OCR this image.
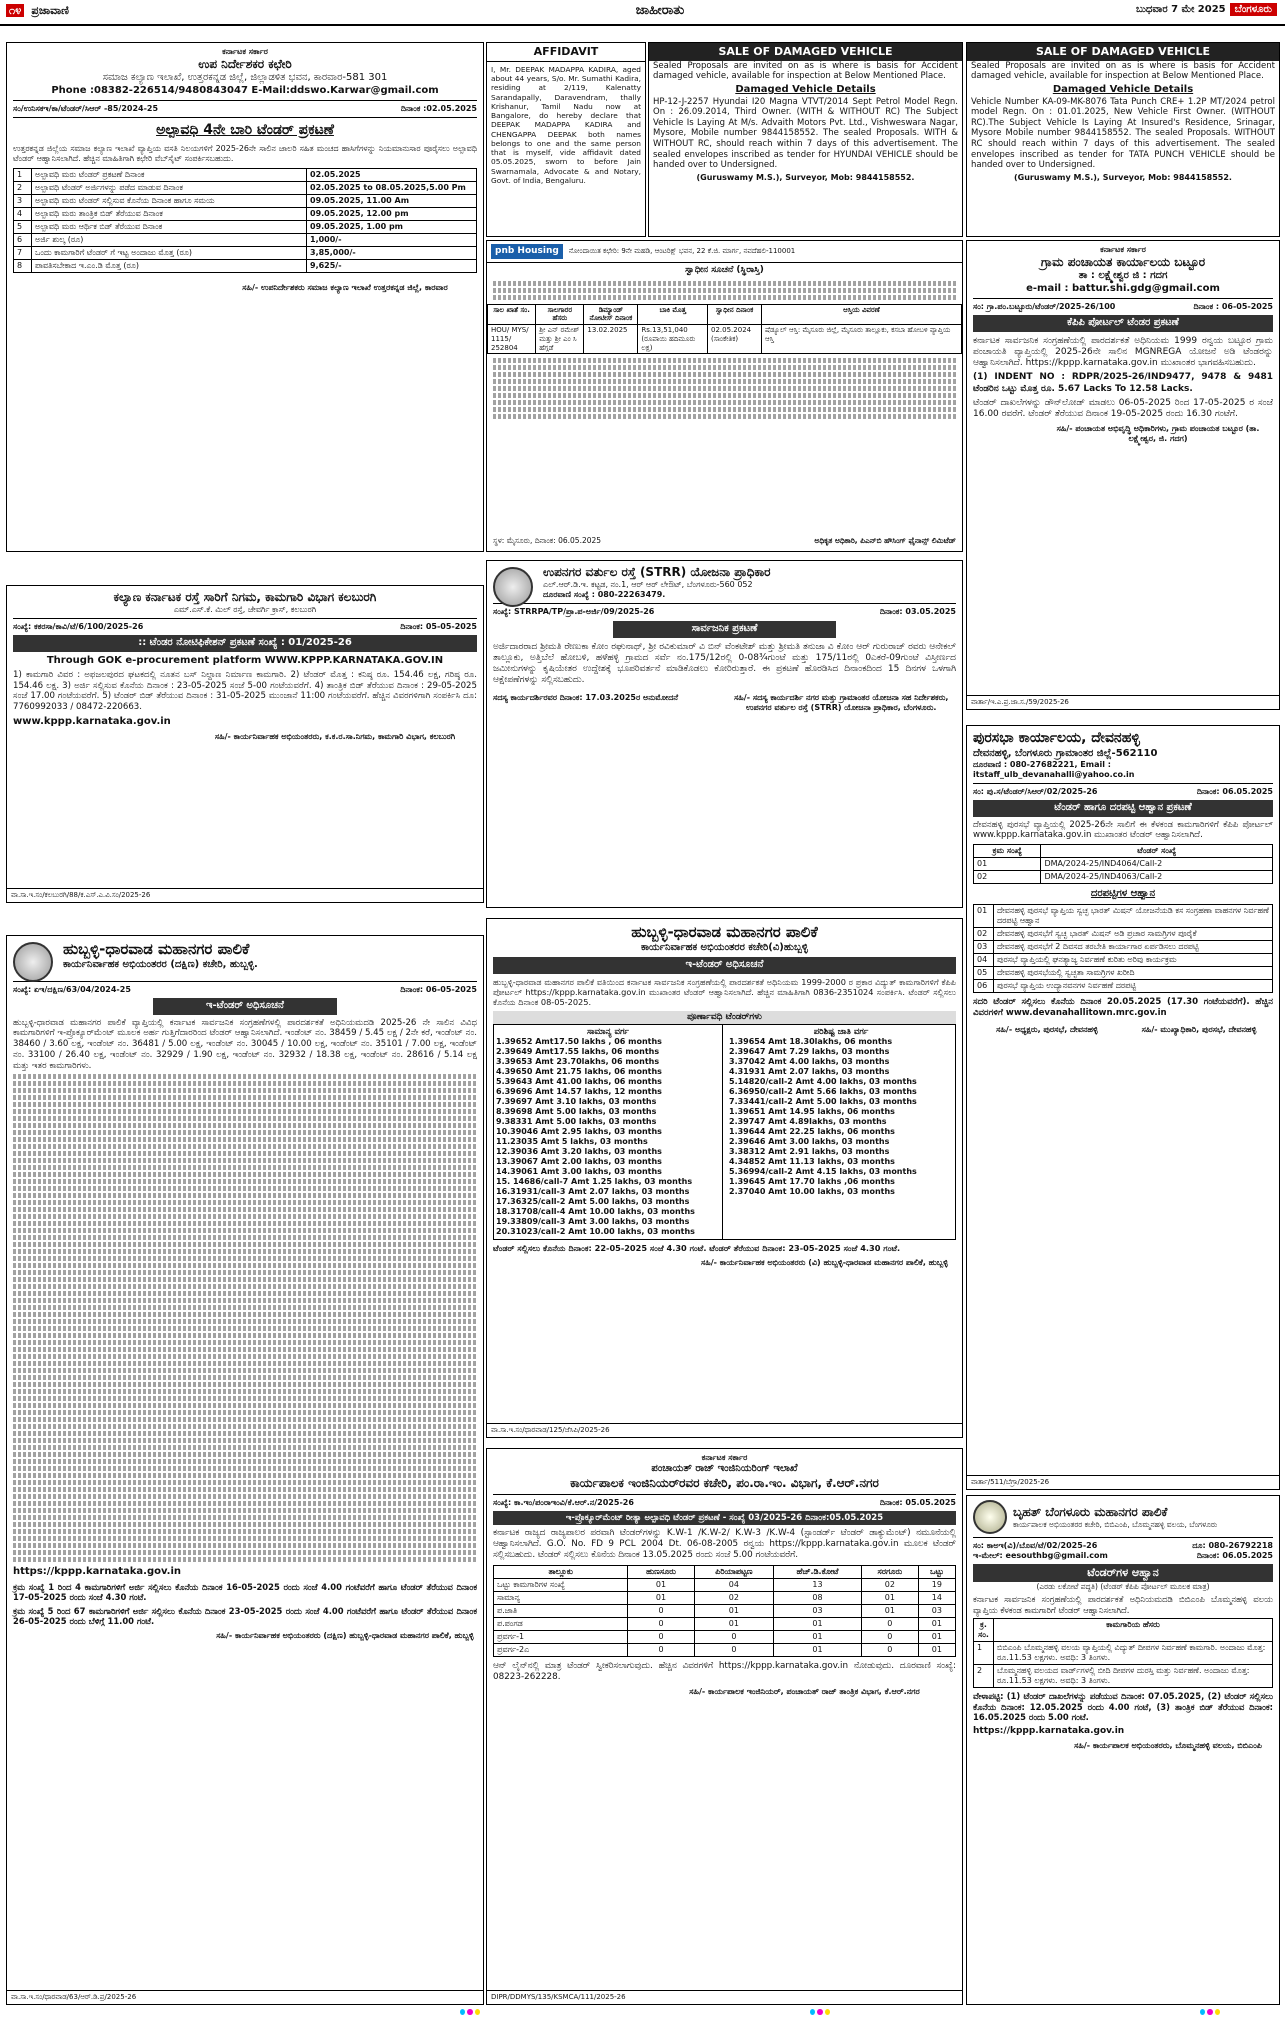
೧೪ ಪ್ರಜಾವಾಣಿ	ಜಾಹೀರಾತು	ಬುಧವಾರ 7 ಮೇ 2025 ಬೆಂಗಳೂರು
ಕರ್ನಾಟಕ ಸರ್ಕಾರ
ಉಪ ನಿರ್ದೇಶಕರ ಕಛೇರಿ
ಸಮಾಜ ಕಲ್ಯಾಣ ಇಲಾಖೆ, ಉತ್ತರಕನ್ನಡ ಜಿಲ್ಲೆ, ಜಿಲ್ಲಾಡಳಿತ ಭವನ, ಕಾರವಾರ-581 301
Phone :08382-226514/9480843047 E-Mail:ddswo.Karwar@gmail.com
ಸಂ/ಉನಿಸಕಇ/ಕಾ/ಟೆಂಡರ್/ಸಿಆರ್ -85/2024-25	ದಿನಾಂಕ :02.05.2025
ಅಲ್ಪಾವಧಿ 4ನೇ ಬಾರಿ ಟೆಂಡರ್ ಪ್ರಕಟಣೆ

ಉತ್ತರಕನ್ನಡ ಜಿಲ್ಲೆಯ ಸಮಾಜ ಕಲ್ಯಾಣ ಇಲಾಖೆ ವ್ಯಾಪ್ತಿಯ ವಸತಿ ನಿಲಯಗಳಿಗೆ 2025-26ನೇ ಸಾಲಿನ ಜಾಲರಿ ಸಹಿತ ಮಂಚದ ಹಾಸಿಗೆಗಳನ್ನು ನಿಯಮಾನುಸಾರ ಪೂರೈಸಲು ಅಲ್ಪಾವಧಿ ಟೆಂಡರ್ ಆಹ್ವಾನಿಸಲಾಗಿದೆ. ಹೆಚ್ಚಿನ ಮಾಹಿತಿಗಾಗಿ ಕಛೇರಿ ವೆಬ್‌ಸೈಟ್ ಸಂಪರ್ಕಿಸಬಹುದು.

1	ಅಲ್ಪಾವಧಿ ಮರು ಟೆಂಡರ್ ಪ್ರಕಟಣೆ ದಿನಾಂಕ	02.05.2025
2	ಅಲ್ಪಾವಧಿ ಟೆಂಡರ್ ಅರ್ಜಿಗಳನ್ನು ಪಡೆದ ಮಾಡುವ ದಿನಾಂಕ	02.05.2025 to 08.05.2025,5.00 Pm
3	ಅಲ್ಪಾವಧಿ ಮರು ಟೆಂಡರ್ ಸಲ್ಲಿಸುವ ಕೊನೆಯ ದಿನಾಂಕ ಹಾಗೂ ಸಮಯ	09.05.2025, 11.00 Am
4	ಅಲ್ಪಾವಧಿ ಮರು ತಾಂತ್ರಿಕ ಬಿಡ್ ತೆರೆಯುವ ದಿನಾಂಕ	09.05.2025, 12.00 pm
5	ಅಲ್ಪಾವಧಿ ಮರು ಆರ್ಥಿಕ ಬಿಡ್ ತೆರೆಯುವ ದಿನಾಂಕ	09.05.2025, 1.00 pm
6	ಅರ್ಜಿ ಶುಲ್ಕ (ರೂ)	1,000/-
7	ಒಂದು ಕಾಮಗಾರಿಗೆ ಟೆಂಡರ್ ಗೆ ಇಟ್ಟ ಅಂದಾಜು ಮೊತ್ತ (ರೂ)	3,85,000/-
8	ಪಾವತಿಸಬೇಕಾದ ಇ.ಎಂ.ಡಿ ಮೊತ್ತ (ರೂ)	9,625/-
ಸಹಿ/- ಉಪನಿರ್ದೇಶಕರು ಸಮಾಜ ಕಲ್ಯಾಣ ಇಲಾಖೆ ಉತ್ತರಕನ್ನಡ ಜಿಲ್ಲೆ, ಕಾರವಾರ
AFFIDAVIT

I, Mr. DEEPAK MADAPPA KADIRA, aged about 44 years, S/o. Mr. Sumathi Kadira, residing at 2/119, Kalenatty Sarandapally, Daravendram, thally Krishanur, Tamil Nadu now at Bangalore, do hereby declare that DEEPAK MADAPPA KADIRA and CHENGAPPA DEEPAK both names belongs to one and the same person that is myself, vide affidavit dated 05.05.2025, sworn to before Jain Swarnamala, Advocate & and Notary, Govt. of India, Bengaluru.

SALE OF DAMAGED VEHICLE

Sealed Proposals are invited on as is where is basis for Accident damaged vehicle, available for inspection at Below Mentioned Place.

Damaged Vehicle Details

HP-12-J-2257 Hyundai I20 Magna VTVT/2014 Sept Petrol Model Regn. On : 26.09.2014, Third Owner. (WITH & WITHOUT RC) The Subject Vehicle Is Laying At M/s. Advaith Motors Pvt. Ltd., Vishweswara Nagar, Mysore, Mobile number 9844158552. The sealed Proposals. WITH & WITHOUT RC, should reach within 7 days of this advertisement. The sealed envelopes inscribed as tender for HYUNDAI VEHICLE should be handed over to Undersigned.

(Guruswamy M.S.), Surveyor, Mob: 9844158552.
SALE OF DAMAGED VEHICLE

Sealed Proposals are invited on as is where is basis for Accident damaged vehicle, available for inspection at Below Mentioned Place.

Damaged Vehicle Details

Vehicle Number KA-09-MK-8076 Tata Punch CRE+ 1.2P MT/2024 petrol model Regn. On : 01.01.2025, New Vehicle First Owner. (WITHOUT RC).The Subject Vehicle Is Laying At Insured's Residence, Srinagar, Mysore Mobile number 9844158552. The sealed Proposals. WITHOUT RC should reach within 7 days of this advertisement. The sealed envelopes inscribed as tender for TATA PUNCH VEHICLE should be handed over to Undersigned.

(Guruswamy M.S.), Surveyor, Mob: 9844158552.
pnb Housing	ನೋಂದಾಯಿತ ಕಛೇರಿ: 9ನೇ ಮಹಡಿ, ಆಂಟರಿಕ್ಷ್ ಭವನ, 22 ಕೆ.ಜಿ. ಮಾರ್ಗ, ನವದೆಹಲಿ-110001
ಸ್ವಾಧೀನ ಸೂಚನೆ (ಸ್ಥಿರಾಸ್ತಿ)
ಸಾಲ ಖಾತೆ ಸಂ.	ಸಾಲಗಾರರ ಹೆಸರು	ಡಿಮ್ಯಾಂಡ್ ನೋಟೀಸ್ ದಿನಾಂಕ	ಬಾಕಿ ಮೊತ್ತ	ಸ್ವಾಧೀನ ದಿನಾಂಕ	ಆಸ್ತಿಯ ವಿವರಣೆ
HOU/ MYS/ 1115/ 252804	ಶ್ರೀ ಎನ್ ರಮೇಶ್ ಮತ್ತು ಶ್ರೀ ಎಂ ಸಿ ಹೆಗ್ಗಡೆ	13.02.2025	Rs.13,51,040 (ರೂಪಾಯಿ ಹದಿಮೂರು ಲಕ್ಷ)	02.05.2024 (ಸಾಂಕೇತಿಕ)	ಷೆಡ್ಯೂಲ್ ಆಸ್ತಿ: ಮೈಸೂರು ಜಿಲ್ಲೆ, ಮೈಸೂರು ತಾಲ್ಲೂಕು, ಕಸಬಾ ಹೋಬಳಿ ವ್ಯಾಪ್ತಿಯ ಆಸ್ತಿ
ಸ್ಥಳ: ಮೈಸೂರು, ದಿನಾಂಕ: 06.05.2025	ಅಧಿಕೃತ ಅಧಿಕಾರಿ, ಪಿಎನ್‌ಬಿ ಹೌಸಿಂಗ್ ಫೈನಾನ್ಸ್ ಲಿಮಿಟೆಡ್
ಕರ್ನಾಟಕ ಸರ್ಕಾರ
ಗ್ರಾಮ ಪಂಚಾಯತ ಕಾರ್ಯಾಲಯ ಬಟ್ಟೂರ
ತಾ : ಲಕ್ಷ್ಮೇಶ್ವರ ಜಿ : ಗದಗ
e-mail : battur.shi.gdg@gmail.com
ಸಂ: ಗ್ರಾ.ಪಂ.ಬಟ್ಟೂರು/ಟೆಂಡರ್/2025-26/100	ದಿನಾಂಕ : 06-05-2025
ಕೆಪಿಪಿ ಪೋರ್ಟಲ್ ಟೆಂಡರ ಪ್ರಕಟಣೆ

ಕರ್ನಾಟಕ ಸಾರ್ವಜನಿಕ ಸಂಗ್ರಹಣೆಯಲ್ಲಿ ಪಾರದರ್ಶಕತೆ ಅಧಿನಿಯಮ 1999 ರನ್ವಯ ಬಟ್ಟೂರ ಗ್ರಾಮ ಪಂಚಾಯತಿ ವ್ಯಾಪ್ತಿಯಲ್ಲಿ 2025-26ನೇ ಸಾಲಿನ MGNREGA ಯೋಜನೆ ಅಡಿ ಟೆಂಡರನ್ನು ಆಹ್ವಾನಿಸಲಾಗಿದೆ. https://kppp.karnataka.gov.in ಮುಖಾಂತರ ಭಾಗವಹಿಸಬಹುದು.

(1) INDENT NO : RDPR/2025-26/IND9477, 9478 & 9481 ಟೆಂಡರಿನ ಒಟ್ಟು ಮೊತ್ತ ರೂ. 5.67 Lacks To 12.58 Lacks.

ಟೆಂಡರ್ ದಾಖಲೆಗಳನ್ನು ಡೌನ್‌ಲೋಡ್ ಮಾಡಲು 06-05-2025 ರಿಂದ 17-05-2025 ರ ಸಂಜೆ 16.00 ರವರೆಗೆ. ಟೆಂಡರ್ ತೆರೆಯುವ ದಿನಾಂಕ 19-05-2025 ರಂದು 16.30 ಗಂಟೆಗೆ.

ಸಹಿ/- ಪಂಚಾಯತ ಅಭಿವೃದ್ಧಿ ಅಧಿಕಾರಿಗಳು, ಗ್ರಾಮ ಪಂಚಾಯತ ಬಟ್ಟೂರ (ತಾ. ಲಕ್ಷ್ಮೇಶ್ವರ, ಜಿ. ಗದಗ)
ವಾರ್ತಾ/ಇ.ಎ.ಪ್ರ.ಜಾ.ಸ./59/2025-26
ಕಲ್ಯಾಣ ಕರ್ನಾಟಕ ರಸ್ತೆ ಸಾರಿಗೆ ನಿಗಮ, ಕಾಮಗಾರಿ ವಿಭಾಗ ಕಲಬುರಗಿ
ಎಮ್.ಎಸ್.ಕೆ. ಮಿಲ್ ರಸ್ತೆ, ಜೇವರ್ಗಿ ಕ್ರಾಸ್, ಕಲಬುರಗಿ
ಸಂಖ್ಯೆ: ಕಕರಸಾ/ಕಾವಿ/ಟೆ/6/100/2025-26	ದಿನಾಂಕ: 05-05-2025
:: ಟೆಂಡರ ನೋಟಿಫಿಕೇಶನ್ ಪ್ರಕಟಣೆ ಸಂಖ್ಯೆ : 01/2025-26
Through GOK e-procurement platform WWW.KPPP.KARNATAKA.GOV.IN

1) ಕಾಮಗಾರಿ ವಿವರ : ಅಫಜಲಪುರದ ಘಟಕದಲ್ಲಿ ನೂತನ ಬಸ್ ನಿಲ್ದಾಣ ನಿರ್ಮಾಣ ಕಾಮಗಾರಿ. 2) ಟೆಂಡರ್ ಮೊತ್ತ : ಕನಿಷ್ಠ ರೂ. 154.46 ಲಕ್ಷ, ಗರಿಷ್ಠ ರೂ. 154.46 ಲಕ್ಷ. 3) ಅರ್ಜಿ ಸಲ್ಲಿಸುವ ಕೊನೆಯ ದಿನಾಂಕ : 23-05-2025 ಸಂಜೆ 5-00 ಗಂಟೆಯವರೆಗೆ. 4) ತಾಂತ್ರಿಕ ಬಿಡ್ ತೆರೆಯುವ ದಿನಾಂಕ : 29-05-2025 ಸಂಜೆ 17.00 ಗಂಟೆಯವರೆಗೆ. 5) ಟೆಂಡರ್ ಬಿಡ್ ತೆರೆಯುವ ದಿನಾಂಕ : 31-05-2025 ಮುಂಜಾನೆ 11:00 ಗಂಟೆಯವರೆಗೆ. ಹೆಚ್ಚಿನ ವಿವರಗಳಿಗಾಗಿ ಸಂಪರ್ಕಿಸಿ ದೂ: 7760992033 / 08472-220663.

www.kppp.karnataka.gov.in
ಸಹಿ/- ಕಾರ್ಯನಿರ್ವಾಹಕ ಅಭಿಯಂತರರು, ಕ.ಕ.ರ.ಸಾ.ನಿಗಮ, ಕಾಮಗಾರಿ ವಿಭಾಗ, ಕಲಬುರಗಿ
ವಾ.ಸಾ.ಇ.ಸಂ/ಕಲಬುರಗಿ/88/ಕ.ಎಸ್.ಎ.ವಿ.ಸಂ/2025-26
ಉಪನಗರ ವರ್ತುಲ ರಸ್ತೆ (STRR) ಯೋಜನಾ ಪ್ರಾಧಿಕಾರ
ಎಲ್.ಆರ್.ಡಿ.ಇ. ಕಟ್ಟಡ, ನಂ.1, ಆರ್ ಆರ್ ಲೇಔಟ್, ಬೆಂಗಳೂರು-560 052
ದೂರವಾಣಿ ಸಂಖ್ಯೆ : 080-22263479.
ಸಂಖ್ಯೆ: STRRPA/TP/ಪ್ರಾ.ಪ-ಅರ್ಜಿ/09/2025-26	ದಿನಾಂಕ: 03.05.2025
ಸಾರ್ವಜನಿಕ ಪ್ರಕಟಣೆ

ಅರ್ಜಿದಾರರಾದ ಶ್ರೀಮತಿ ರೇಣುಕಾ ಕೋಂ ರಘುನಾಥ್, ಶ್ರೀ ರವಿಕುಮಾರ್ ವಿ ಬಿನ್ ವೆಂಕಟೇಶ್ ಮತ್ತು ಶ್ರೀಮತಿ ತನುಜಾ ವಿ ಕೋಂ ಆರ್ ಗುರುರಾಜ್ ರವರು ಆನೇಕಲ್ ತಾಲ್ಲೂಕು, ಅತ್ತಿಬೆಲೆ ಹೋಬಳಿ, ಹಳೆಹಳ್ಳಿ ಗ್ರಾಮದ ಸರ್ವೆ ನಂ.175/12ರಲ್ಲಿ 0-08¾ಗುಂಟೆ ಮತ್ತು 175/11ರಲ್ಲಿ 0ಎಕರೆ-09ಗುಂಟೆ ವಿಸ್ತೀರ್ಣದ ಜಮೀನುಗಳನ್ನು ಕೃಷಿಯೇತರ ಉದ್ದೇಶಕ್ಕೆ ಭೂಪರಿವರ್ತನೆ ಮಾಡಿಕೊಡಲು ಕೋರಿರುತ್ತಾರೆ. ಈ ಪ್ರಕಟಣೆ ಹೊರಡಿಸಿದ ದಿನಾಂಕದಿಂದ 15 ದಿನಗಳ ಒಳಗಾಗಿ ಆಕ್ಷೇಪಣೆಗಳನ್ನು ಸಲ್ಲಿಸಬಹುದು.

ಸದಸ್ಯ ಕಾರ್ಯದರ್ಶಿರವರ ದಿನಾಂಕ: 17.03.2025ರ ಅನುಮೋದನೆ	ಸಹಿ/- ಸದಸ್ಯ ಕಾರ್ಯದರ್ಶಿ ನಗರ ಮತ್ತು ಗ್ರಾಮಾಂತರ ಯೋಜನಾ ಸಹ ನಿರ್ದೇಶಕರು, ಉಪನಗರ ವರ್ತುಲ ರಸ್ತೆ (STRR) ಯೋಜನಾ ಪ್ರಾಧಿಕಾರ, ಬೆಂಗಳೂರು.
ಪುರಸಭಾ ಕಾರ್ಯಾಲಯ, ದೇವನಹಳ್ಳಿ
ದೇವನಹಳ್ಳಿ, ಬೆಂಗಳೂರು ಗ್ರಾಮಾಂತರ ಜಿಲ್ಲೆ-562110
ದೂರವಾಣಿ : 080-27682221, Email : itstaff_ulb_devanahalli@yahoo.co.in
ಸಂ: ಪು.ಸ/ಟೆಂಡರ್/ಸಿಆರ್/02/2025-26	ದಿನಾಂಕ: 06.05.2025
ಟೆಂಡರ್ ಹಾಗೂ ದರಪಟ್ಟಿ ಆಹ್ವಾನ ಪ್ರಕಟಣೆ

ದೇವನಹಳ್ಳಿ ಪುರಸಭೆ ವ್ಯಾಪ್ತಿಯಲ್ಲಿ 2025-26ನೇ ಸಾಲಿಗೆ ಈ ಕೆಳಕಂಡ ಕಾಮಗಾರಿಗಳಿಗೆ ಕೆಪಿಪಿ ಪೋರ್ಟಲ್ www.kppp.karnataka.gov.in ಮುಖಾಂತರ ಟೆಂಡರ್ ಆಹ್ವಾನಿಸಲಾಗಿದೆ.

ಕ್ರಮ ಸಂಖ್ಯೆ	ಟೆಂಡರ್ ಸಂಖ್ಯೆ
01	DMA/2024-25/IND4064/Call-2
02	DMA/2024-25/IND4063/Call-2
ದರಪಟ್ಟಿಗಳ ಆಹ್ವಾನ
01	ದೇವನಹಳ್ಳಿ ಪುರಸಭೆ ವ್ಯಾಪ್ತಿಯ ಸ್ವಚ್ಛ ಭಾರತ್ ಮಿಷನ್ ಯೋಜನೆಯಡಿ ಕಸ ಸಂಗ್ರಹಣಾ ವಾಹನಗಳ ನಿರ್ವಹಣೆ ದರಪಟ್ಟಿ ಆಹ್ವಾನ
02	ದೇವನಹಳ್ಳಿ ಪುರಸಭೆಗೆ ಸ್ವಚ್ಛ ಭಾರತ್ ಮಿಷನ್ ಅಡಿ ಪ್ರಚಾರ ಸಾಮಗ್ರಿಗಳ ಪೂರೈಕೆ
03	ದೇವನಹಳ್ಳಿ ಪುರಸಭೆಗೆ 2 ದಿವಸದ ತರಬೇತಿ ಕಾರ್ಯಾಗಾರ ಏರ್ಪಡಿಸಲು ದರಪಟ್ಟಿ
04	ಪುರಸಭೆ ವ್ಯಾಪ್ತಿಯಲ್ಲಿ ಘನತ್ಯಾಜ್ಯ ನಿರ್ವಹಣೆ ಕುರಿತು ಅರಿವು ಕಾರ್ಯಕ್ರಮ
05	ದೇವನಹಳ್ಳಿ ಪುರಸಭೆಯಲ್ಲಿ ಸ್ವಚ್ಛತಾ ಸಾಮಗ್ರಿಗಳ ಖರೀದಿ
06	ಪುರಸಭೆ ವ್ಯಾಪ್ತಿಯ ಉದ್ಯಾನವನಗಳ ನಿರ್ವಹಣೆ ದರಪಟ್ಟಿ

ಸದರಿ ಟೆಂಡರ್ ಸಲ್ಲಿಸಲು ಕೊನೆಯ ದಿನಾಂಕ 20.05.2025 (17.30 ಗಂಟೆಯವರೆಗೆ). ಹೆಚ್ಚಿನ ವಿವರಗಳಿಗೆ www.devanahallitown.mrc.gov.in

ಸಹಿ/- ಅಧ್ಯಕ್ಷರು, ಪುರಸಭೆ, ದೇವನಹಳ್ಳಿ	ಸಹಿ/- ಮುಖ್ಯಾಧಿಕಾರಿ, ಪುರಸಭೆ, ದೇವನಹಳ್ಳಿ
ವಾರ್ತಾ/511/ಬೆಗ್ರಾ/2025-26
ಹುಬ್ಬಳ್ಳಿ-ಧಾರವಾಡ ಮಹಾನಗರ ಪಾಲಿಕೆ
ಕಾರ್ಯನಿರ್ವಾಹಕ ಅಭಿಯಂತರರ (ದಕ್ಷಿಣ) ಕಚೇರಿ, ಹುಬ್ಬಳ್ಳಿ.
ಸಂಖ್ಯೆ: ಏಇ/ದಕ್ಷಿಣ/63/04/2024-25	ದಿನಾಂಕ: 06-05-2025
ಇ-ಟೆಂಡರ್ ಅಧಿಸೂಚನೆ

ಹುಬ್ಬಳ್ಳಿ-ಧಾರವಾಡ ಮಹಾನಗರ ಪಾಲಿಕೆ ವ್ಯಾಪ್ತಿಯಲ್ಲಿ ಕರ್ನಾಟಕ ಸಾರ್ವಜನಿಕ ಸಂಗ್ರಹಣೆಗಳಲ್ಲಿ ಪಾರದರ್ಶಕತೆ ಅಧಿನಿಯಮದಡಿ 2025-26 ನೇ ಸಾಲಿನ ವಿವಿಧ ಕಾಮಗಾರಿಗಳಿಗೆ ಇ-ಪ್ರೊಕ್ಯೂರ್‌ಮೆಂಟ್ ಮೂಲಕ ಅರ್ಹ ಗುತ್ತಿಗೆದಾರರಿಂದ ಟೆಂಡರ್ ಆಹ್ವಾನಿಸಲಾಗಿದೆ. ಇಂಡೆಂಟ್ ನಂ. 38459 / 5.45 ಲಕ್ಷ / 2ನೇ ಕರೆ, ಇಂಡೆಂಟ್ ನಂ. 38460 / 3.60 ಲಕ್ಷ, ಇಂಡೆಂಟ್ ನಂ. 36481 / 5.00 ಲಕ್ಷ, ಇಂಡೆಂಟ್ ನಂ. 30045 / 10.00 ಲಕ್ಷ, ಇಂಡೆಂಟ್ ನಂ. 35101 / 7.00 ಲಕ್ಷ, ಇಂಡೆಂಟ್ ನಂ. 33100 / 26.40 ಲಕ್ಷ, ಇಂಡೆಂಟ್ ನಂ. 32929 / 1.90 ಲಕ್ಷ, ಇಂಡೆಂಟ್ ನಂ. 32932 / 18.38 ಲಕ್ಷ, ಇಂಡೆಂಟ್ ನಂ. 28616 / 5.14 ಲಕ್ಷ ಮತ್ತು ಇತರ ಕಾಮಗಾರಿಗಳು.

https://kppp.karnataka.gov.in

ಕ್ರಮ ಸಂಖ್ಯೆ 1 ರಿಂದ 4 ಕಾಮಗಾರಿಗಳಿಗೆ ಅರ್ಜಿ ಸಲ್ಲಿಸಲು ಕೊನೆಯ ದಿನಾಂಕ 16-05-2025 ರಂದು ಸಂಜೆ 4.00 ಗಂಟೆವರೆಗೆ ಹಾಗೂ ಟೆಂಡರ್ ತೆರೆಯುವ ದಿನಾಂಕ 17-05-2025 ರಂದು ಸಂಜೆ 4.30 ಗಂಟೆ.

ಕ್ರಮ ಸಂಖ್ಯೆ 5 ರಿಂದ 67 ಕಾಮಗಾರಿಗಳಿಗೆ ಅರ್ಜಿ ಸಲ್ಲಿಸಲು ಕೊನೆಯ ದಿನಾಂಕ 23-05-2025 ರಂದು ಸಂಜೆ 4.00 ಗಂಟೆವರೆಗೆ ಹಾಗೂ ಟೆಂಡರ್ ತೆರೆಯುವ ದಿನಾಂಕ 26-05-2025 ರಂದು ಬೆಳಿಗ್ಗೆ 11.00 ಗಂಟೆ.

ಸಹಿ/- ಕಾರ್ಯನಿರ್ವಾಹಕ ಅಭಿಯಂತರರು (ದಕ್ಷಿಣ) ಹುಬ್ಬಳ್ಳಿ-ಧಾರವಾಡ ಮಹಾನಗರ ಪಾಲಿಕೆ, ಹುಬ್ಬಳ್ಳಿ
ವಾ.ಸಾ.ಇ.ಸಂ/ಧಾರವಾಡ/63/ಆರ್.ಡಿ.ಪ್ರ/2025-26
ಹುಬ್ಬಳ್ಳಿ-ಧಾರವಾಡ ಮಹಾನಗರ ಪಾಲಿಕೆ
ಕಾರ್ಯನಿರ್ವಾಹಕ ಅಭಿಯಂತರರ ಕಚೇರಿ(ವಿ)ಹುಬ್ಬಳ್ಳಿ
ಇ-ಟೆಂಡರ್ ಅಧಿಸೂಚನೆ

ಹುಬ್ಬಳ್ಳಿ-ಧಾರವಾಡ ಮಹಾನಗರ ಪಾಲಿಕೆ ವತಿಯಿಂದ ಕರ್ನಾಟಕ ಸಾರ್ವಜನಿಕ ಸಂಗ್ರಹಣೆಯಲ್ಲಿ ಪಾರದರ್ಶಕತೆ ಅಧಿನಿಯಮ 1999-2000 ರ ಪ್ರಕಾರ ವಿದ್ಯುತ್ ಕಾಮಗಾರಿಗಳಿಗೆ ಕೆಪಿಪಿ ಪೋರ್ಟಲ್ https://kppp.karnataka.gov.in ಮುಖಾಂತರ ಟೆಂಡರ್ ಆಹ್ವಾನಿಸಲಾಗಿದೆ. ಹೆಚ್ಚಿನ ಮಾಹಿತಿಗಾಗಿ 0836-2351024 ಸಂಪರ್ಕಿಸಿ. ಟೆಂಡರ್ ಸಲ್ಲಿಸಲು ಕೊನೆಯ ದಿನಾಂಕ 08-05-2025.

ಪೂರ್ಣಾವಧಿ ಟೆಂಡರ್‌ಗಳು
ಸಾಮಾನ್ಯ ವರ್ಗ
1.39652 Amt17.50 lakhs , 06 months
2.39649 Amt17.55 lakhs, 06 months
3.39653 Amt 23.70lakhs, 06 months
4.39650 Amt 21.75 lakhs, 06 months
5.39643 Amt 41.00 lakhs, 06 months
6.39696 Amt 14.57 lakhs, 12 months
7.39697 Amt 3.10 lakhs, 03 months
8.39698 Amt 5.00 lakhs, 03 months
9.38331 Amt 5.00 lakhs, 03 months
10.39046 Amt 2.95 lakhs, 03 months
11.23035 Amt 5 lakhs, 03 months
12.39036 Amt 3.20 lakhs, 03 months
13.39067 Amt 2.00 lakhs, 03 months
14.39061 Amt 3.00 lakhs, 03 months
15. 14686/call-7 Amt 1.25 lakhs, 03 months
16.31931/call-3 Amt 2.07 lakhs, 03 months
17.36325/call-2 Amt 5.00 lakhs, 03 months
18.31708/call-4 Amt 10.00 lakhs, 03 months
19.33809/call-3 Amt 3.00 lakhs, 03 months
20.31023/call-2 Amt 10.00 lakhs, 03 months
ಪರಿಶಿಷ್ಟ ಜಾತಿ ವರ್ಗ
1.39654 Amt 18.30lakhs, 06 months
2.39647 Amt 7.29 lakhs, 03 months
3.37042 Amt 4.00 lakhs, 03 months
4.31931 Amt 2.07 lakhs, 03 months
5.14820/call-2 Amt 4.00 lakhs, 03 months
6.36950/call-2 Amt 5.66 lakhs, 03 months
7.33441/call-2 Amt 5.00 lakhs, 03 months
1.39651 Amt 14.95 lakhs, 06 months
2.39747 Amt 4.89lakhs, 03 months
1.39644 Amt 22.25 lakhs, 06 months
2.39646 Amt 3.00 lakhs, 03 months
3.38312 Amt 2.91 lakhs, 03 months
4.34852 Amt 11.13 lakhs, 03 months
5.36994/call-2 Amt 4.15 lakhs, 03 months
1.39645 Amt 17.70 lakhs ,06 months
2.37040 Amt 10.00 lakhs, 03 months

ಟೆಂಡರ್ ಸಲ್ಲಿಸಲು ಕೊನೆಯ ದಿನಾಂಕ: 22-05-2025 ಸಂಜೆ 4.30 ಗಂಟೆ. ಟೆಂಡರ್ ತೆರೆಯುವ ದಿನಾಂಕ: 23-05-2025 ಸಂಜೆ 4.30 ಗಂಟೆ.

ಸಹಿ/- ಕಾರ್ಯನಿರ್ವಾಹಕ ಅಭಿಯಂತರರು (ವಿ) ಹುಬ್ಬಳ್ಳಿ-ಧಾರವಾಡ ಮಹಾನಗರ ಪಾಲಿಕೆ, ಹುಬ್ಬಳ್ಳಿ
ವಾ.ಸಾ.ಇ.ಸಂ/ಧಾರವಾಡ/125/ಜೆಸಿಪಿ/2025-26
ಕರ್ನಾಟಕ ಸರ್ಕಾರ
ಪಂಚಾಯತ್ ರಾಜ್ ಇಂಜಿನಿಯರಿಂಗ್ ಇಲಾಖೆ
ಕಾರ್ಯಪಾಲಕ ಇಂಜಿನಿಯರ್‌ರವರ ಕಚೇರಿ, ಪಂ.ರಾ.ಇಂ. ವಿಭಾಗ, ಕೆ.ಆರ್.ನಗರ
ಸಂಖ್ಯೆ: ಕಾ.ಇಂ/ಪಂರಾಇಂವಿ/ಕೆ.ಆರ್.ನ/2025-26	ದಿನಾಂಕ: 05.05.2025
ಇ-ಪ್ರೊಕ್ಯೂರ್‌ಮೆಂಟ್ ರೀತ್ಯಾ ಅಲ್ಪಾವಧಿ ಟೆಂಡರ್ ಪ್ರಕಟಣೆ - ಸಂಖ್ಯೆ 03/2025-26 ದಿನಾಂಕ:05.05.2025

ಕರ್ನಾಟಕ ರಾಜ್ಯದ ರಾಜ್ಯಪಾಲರ ಪರವಾಗಿ ಟೆಂಡರ್‌ಗಳನ್ನು K.W-1 /K.W-2/ K.W-3 /K.W-4 (ಸ್ಟಾಂಡರ್ಡ್ ಟೆಂಡರ್ ಡಾಕ್ಯುಮೆಂಟ್) ನಮೂನೆಯಲ್ಲಿ ಆಹ್ವಾನಿಸಲಾಗಿದೆ. G.O. No. FD 9 PCL 2004 Dt. 06-08-2005 ರನ್ವಯ https://kppp.karnataka.gov.in ಮೂಲಕ ಟೆಂಡರ್ ಸಲ್ಲಿಸಬಹುದು. ಟೆಂಡರ್ ಸಲ್ಲಿಸಲು ಕೊನೆಯ ದಿನಾಂಕ 13.05.2025 ರಂದು ಸಂಜೆ 5.00 ಗಂಟೆಯವರೆಗೆ.

ತಾಲ್ಲೂಕು	ಹುಣಸೂರು	ಪಿರಿಯಾಪಟ್ಟಣ	ಹೆಚ್.ಡಿ.ಕೋಟೆ	ಸರಗೂರು	ಒಟ್ಟು
ಒಟ್ಟು ಕಾಮಗಾರಿಗಳ ಸಂಖ್ಯೆ	01	04	13	02	19
ಸಾಮಾನ್ಯ	01	02	08	01	14
ಪ.ಜಾತಿ	0	01	03	01	03
ಪ.ಪಂಗಡ	0	01	01	0	01
ಪ್ರವರ್ಗ-1	0	0	01	0	01
ಪ್ರವರ್ಗ-2ಎ	0	0	01	0	01

ಆನ್ ಲೈನ್‌ನಲ್ಲಿ ಮಾತ್ರ ಟೆಂಡರ್ ಸ್ವೀಕರಿಸಲಾಗುವುದು. ಹೆಚ್ಚಿನ ವಿವರಗಳಿಗೆ https://kppp.karnataka.gov.in ನೋಡುವುದು. ದೂರವಾಣಿ ಸಂಖ್ಯೆ: 08223-262228.

ಸಹಿ/- ಕಾರ್ಯಪಾಲಕ ಇಂಜಿನಿಯರ್, ಪಂಚಾಯತ್ ರಾಜ್ ತಾಂತ್ರಿಕ ವಿಭಾಗ, ಕೆ.ಆರ್.ನಗರ
DIPR/DDMYS/135/KSMCA/111/2025-26
ಬೃಹತ್ ಬೆಂಗಳೂರು ಮಹಾನಗರ ಪಾಲಿಕೆ
ಕಾರ್ಯಪಾಲಕ ಅಭಿಯಂತರರ ಕಚೇರಿ, ಬಿಬಿಎಂಪಿ, ಬೊಮ್ಮನಹಳ್ಳಿ ವಲಯ, ಬೆಂಗಳೂರು
ಸಂ: ಕಾಅಇ(ವಿ)/ಬೊವ/ಟೆ/02/2025-26	ದೂ: 080-26792218
ಇ-ಮೇಲ್: eesouthbg@gmail.com	ದಿನಾಂಕ: 06.05.2025
ಟೆಂಡರ್‌ಗಳ ಆಹ್ವಾನ
(ಎರಡು ಲಕೋಟೆ ಪದ್ಧತಿ) (ಟೆಂಡರ್ ಕೆಪಿಪಿ ಪೋರ್ಟಲ್ ಮೂಲಕ ಮಾತ್ರ)

ಕರ್ನಾಟಕ ಸಾರ್ವಜನಿಕ ಸಂಗ್ರಹಣೆಯಲ್ಲಿ ಪಾರದರ್ಶಕತೆ ಅಧಿನಿಯಮದಡಿ ಬಿಬಿಎಂಪಿ ಬೊಮ್ಮನಹಳ್ಳಿ ವಲಯ ವ್ಯಾಪ್ತಿಯ ಕೆಳಕಂಡ ಕಾಮಗಾರಿಗೆ ಟೆಂಡರ್ ಆಹ್ವಾನಿಸಲಾಗಿದೆ.

ಕ್ರ. ಸಂ.	ಕಾಮಗಾರಿಯ ಹೆಸರು
1	ಬಿಬಿಎಂಪಿ ಬೊಮ್ಮನಹಳ್ಳಿ ವಲಯ ವ್ಯಾಪ್ತಿಯಲ್ಲಿ ವಿದ್ಯುತ್ ದೀಪಗಳ ನಿರ್ವಹಣೆ ಕಾಮಗಾರಿ. ಅಂದಾಜು ಮೊತ್ತ: ರೂ.11.53 ಲಕ್ಷಗಳು. ಅವಧಿ: 3 ತಿಂಗಳು.
2	ಬೊಮ್ಮನಹಳ್ಳಿ ವಲಯದ ವಾರ್ಡ್‌ಗಳಲ್ಲಿ ಬೀದಿ ದೀಪಗಳ ದುರಸ್ತಿ ಮತ್ತು ನಿರ್ವಹಣೆ. ಅಂದಾಜು ಮೊತ್ತ: ರೂ.11.53 ಲಕ್ಷಗಳು. ಅವಧಿ: 3 ತಿಂಗಳು.

ವೇಳಾಪಟ್ಟಿ: (1) ಟೆಂಡರ್ ದಾಖಲೆಗಳನ್ನು ಪಡೆಯುವ ದಿನಾಂಕ: 07.05.2025, (2) ಟೆಂಡರ್ ಸಲ್ಲಿಸಲು ಕೊನೆಯ ದಿನಾಂಕ: 12.05.2025 ರಂದು 4.00 ಗಂಟೆ, (3) ತಾಂತ್ರಿಕ ಬಿಡ್ ತೆರೆಯುವ ದಿನಾಂಕ: 16.05.2025 ರಂದು 5.00 ಗಂಟೆ.

https://kppp.karnataka.gov.in
ಸಹಿ/- ಕಾರ್ಯಪಾಲಕ ಅಭಿಯಂತರರು, ಬೊಮ್ಮನಹಳ್ಳಿ ವಲಯ, ಬಿಬಿಎಂಪಿ
